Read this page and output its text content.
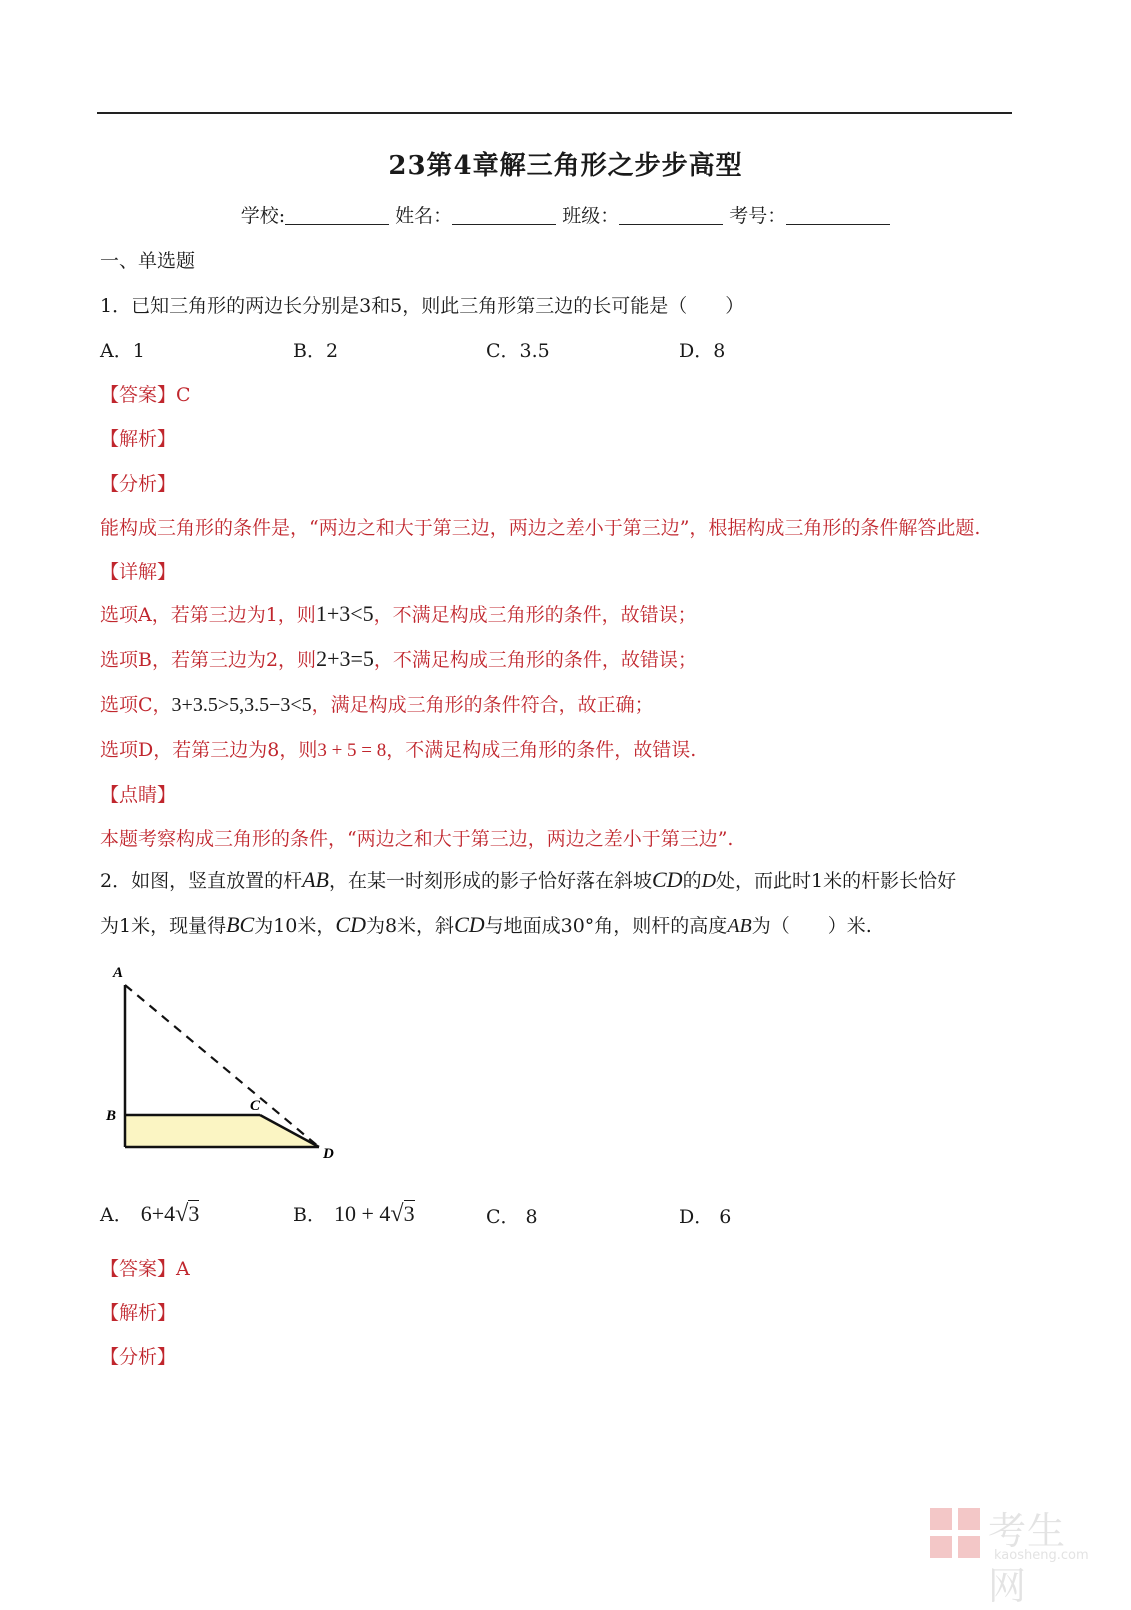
23第4章解三角形之步步高型
学校:	姓名：	班级：	考号：
一、单选题
1．已知三角形的两边长分别是3和5，则此三角形第三边的长可能是（　　）
A．1	B．2	C．3.5	D．8
【答案】C
【解析】
【分析】
能构成三角形的条件是，“两边之和大于第三边，两边之差小于第三边”，根据构成三角形的条件解答此题.
【详解】
选项A，若第三边为1，则1+3<5，不满足构成三角形的条件，故错误；
选项B，若第三边为2，则2+3=5，不满足构成三角形的条件，故错误；
选项C，3+3.5>5,3.5−3<5，满足构成三角形的条件符合，故正确；
选项D，若第三边为8，则3 + 5 = 8，不满足构成三角形的条件，故错误.
【点睛】
本题考察构成三角形的条件，“两边之和大于第三边，两边之差小于第三边”.
2．如图，竖直放置的杆AB，在某一时刻形成的影子恰好落在斜坡CD的D处，而此时1米的杆影长恰好
为1米，现量得BC为10米，CD为8米，斜CD与地面成30°角，则杆的高度AB为（　　）米.
A
B
C
D
A． 6+4√3	B． 10 + 4√3	C． 8	D． 6
【答案】A
【解析】
【分析】
考生网
kaosheng.com
